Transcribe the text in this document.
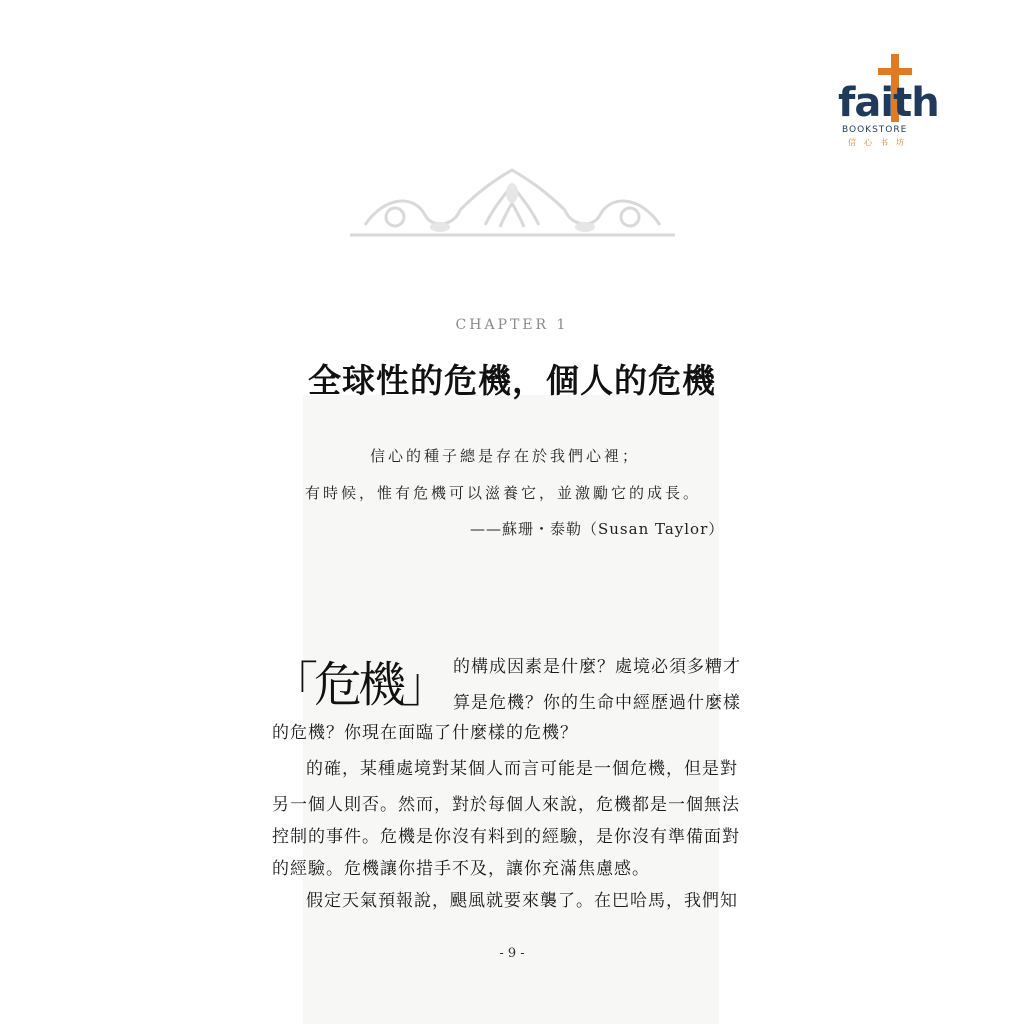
faith
BOOKSTORE
信心书坊
CHAPTER 1
全球性的危機，個人的危機
信心的種子總是存在於我們心裡；
有時候，惟有危機可以滋養它，並激勵它的成長。
——蘇珊・泰勒（Susan Taylor）
「危機」 的構成因素是什麼？處境必須多糟才
算是危機？你的生命中經歷過什麼樣
的危機？你現在面臨了什麼樣的危機？
的確，某種處境對某個人而言可能是一個危機，但是對
另一個人則否。然而，對於每個人來說，危機都是一個無法
控制的事件。危機是你沒有料到的經驗，是你沒有準備面對
的經驗。危機讓你措手不及，讓你充滿焦慮感。
假定天氣預報說，颶風就要來襲了。在巴哈馬，我們知
- 9 -
